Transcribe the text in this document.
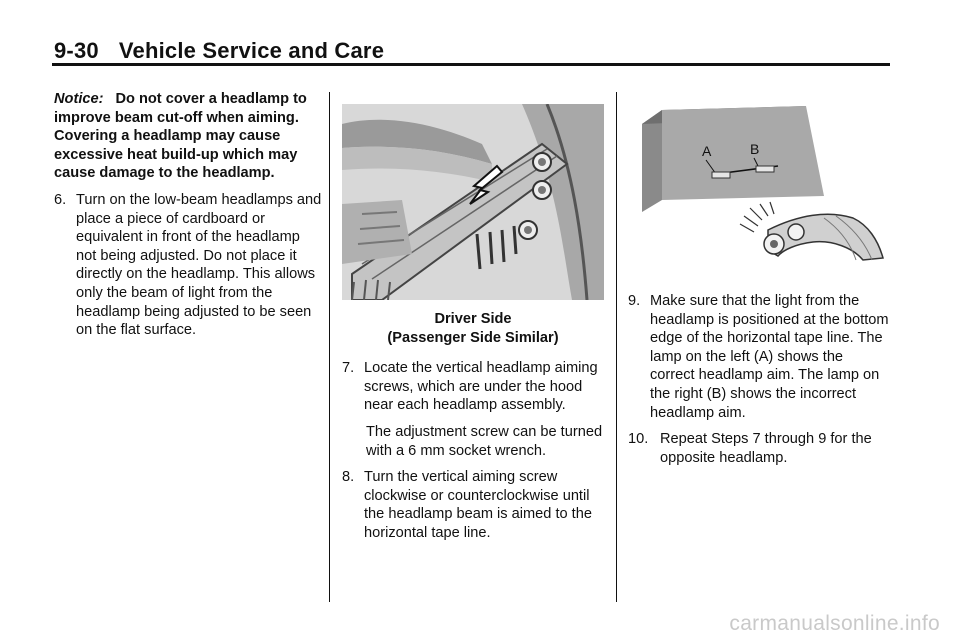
9-30 Vehicle Service and Care

Notice: Do not cover a headlamp to improve beam cut-off when aiming. Covering a headlamp may cause excessive heat build-up which may cause damage to the headlamp.

6. Turn on the low-beam headlamps and place a piece of cardboard or equivalent in front of the headlamp not being adjusted. Do not place it directly on the headlamp. This allows only the beam of light from the headlamp being adjusted to be seen on the flat surface.
Driver Side
(Passenger Side Similar)
7. Locate the vertical headlamp aiming screws, which are under the hood near each headlamp assembly.

The adjustment screw can be turned with a 6 mm socket wrench.

8. Turn the vertical aiming screw clockwise or counterclockwise until the headlamp beam is aimed to the horizontal tape line.
A	B
9. Make sure that the light from the headlamp is positioned at the bottom edge of the horizontal tape line. The lamp on the left (A) shows the correct headlamp aim. The lamp on the right (B) shows the incorrect headlamp aim.
10. Repeat Steps 7 through 9 for the opposite headlamp.
carmanualsonline.info
